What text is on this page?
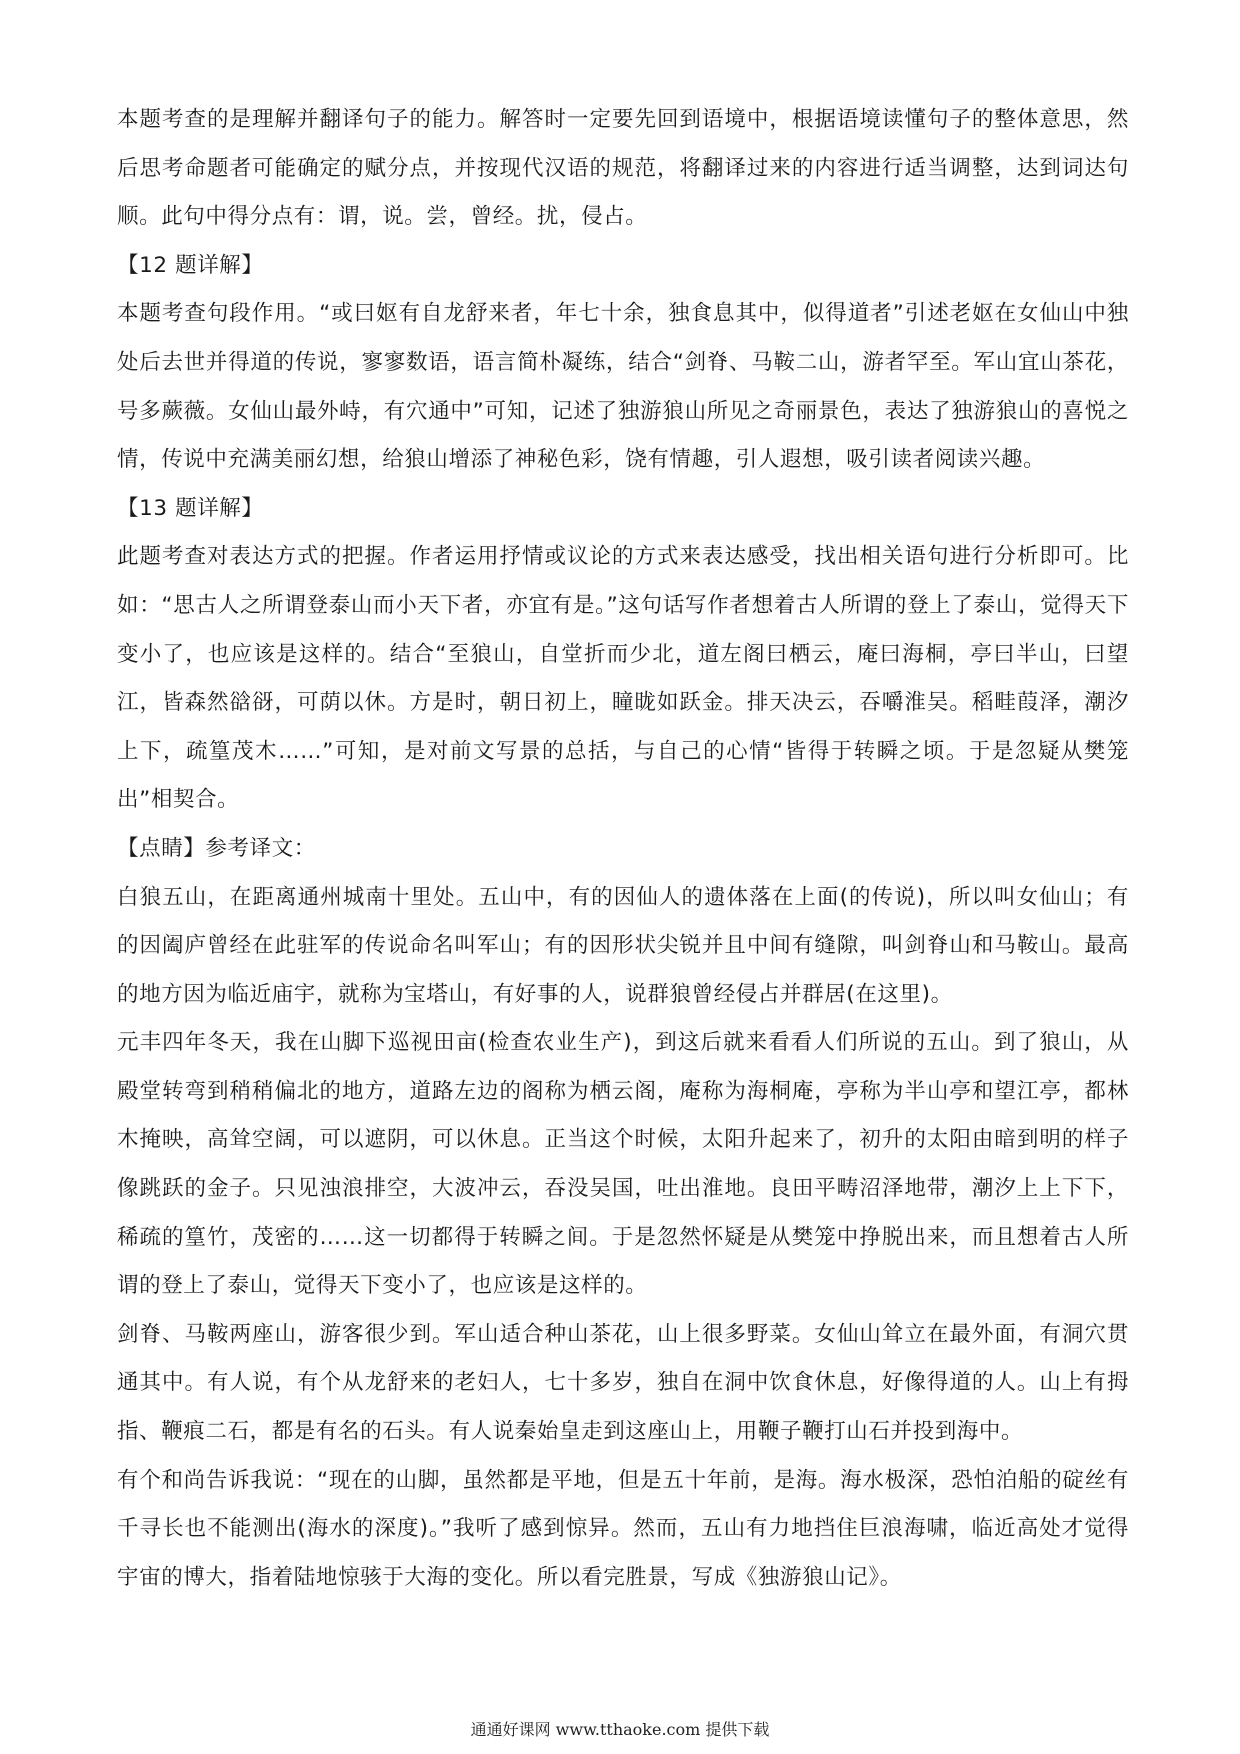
本题考查的是理解并翻译句子的能力。解答时一定要先回到语境中，根据语境读懂句子的整体意思，然后思考命题者可能确定的赋分点，并按现代汉语的规范，将翻译过来的内容进行适当调整，达到词达句顺。此句中得分点有：谓，说。尝，曾经。扰，侵占。

【12 题详解】

本题考查句段作用。“或曰妪有自龙舒来者，年七十余，独食息其中，似得道者”引述老妪在女仙山中独处后去世并得道的传说，寥寥数语，语言简朴凝练，结合“剑脊、马鞍二山，游者罕至。军山宜山茶花，号多蕨薇。女仙山最外峙，有穴通中”可知，记述了独游狼山所见之奇丽景色，表达了独游狼山的喜悦之情，传说中充满美丽幻想，给狼山增添了神秘色彩，饶有情趣，引人遐想，吸引读者阅读兴趣。

【13 题详解】

此题考查对表达方式的把握。作者运用抒情或议论的方式来表达感受，找出相关语句进行分析即可。比如：“思古人之所谓登泰山而小天下者，亦宜有是。”这句话写作者想着古人所谓的登上了泰山，觉得天下变小了，也应该是这样的。结合“至狼山，自堂折而少北，道左阁曰栖云，庵曰海桐，亭曰半山，曰望江，皆森然谽谺，可荫以休。方是时，朝日初上，瞳昽如跃金。排天决云，吞嚼淮吴。稻畦葭泽，潮汐上下，疏篁茂木……”可知，是对前文写景的总括，与自己的心情“皆得于转瞬之顷。于是忽疑从樊笼出”相契合。

【点睛】参考译文：

白狼五山，在距离通州城南十里处。五山中，有的因仙人的遗体落在上面(的传说)，所以叫女仙山；有的因阖庐曾经在此驻军的传说命名叫军山；有的因形状尖锐并且中间有缝隙，叫剑脊山和马鞍山。最高的地方因为临近庙宇，就称为宝塔山，有好事的人，说群狼曾经侵占并群居(在这里)。

元丰四年冬天，我在山脚下巡视田亩(检查农业生产)，到这后就来看看人们所说的五山。到了狼山，从殿堂转弯到稍稍偏北的地方，道路左边的阁称为栖云阁，庵称为海桐庵，亭称为半山亭和望江亭，都林木掩映，高耸空阔，可以遮阴，可以休息。正当这个时候，太阳升起来了，初升的太阳由暗到明的样子像跳跃的金子。只见浊浪排空，大波冲云，吞没吴国，吐出淮地。良田平畴沼泽地带，潮汐上上下下，稀疏的篁竹，茂密的……这一切都得于转瞬之间。于是忽然怀疑是从樊笼中挣脱出来，而且想着古人所谓的登上了泰山，觉得天下变小了，也应该是这样的。

剑脊、马鞍两座山，游客很少到。军山适合种山茶花，山上很多野菜。女仙山耸立在最外面，有洞穴贯通其中。有人说，有个从龙舒来的老妇人，七十多岁，独自在洞中饮食休息，好像得道的人。山上有拇指、鞭痕二石，都是有名的石头。有人说秦始皇走到这座山上，用鞭子鞭打山石并投到海中。

有个和尚告诉我说：“现在的山脚，虽然都是平地，但是五十年前，是海。海水极深，恐怕泊船的碇丝有千寻长也不能测出(海水的深度)。”我听了感到惊异。然而，五山有力地挡住巨浪海啸，临近高处才觉得宇宙的博大，指着陆地惊骇于大海的变化。所以看完胜景，写成《独游狼山记》。

通通好课网 www.tthaoke.com 提供下载
